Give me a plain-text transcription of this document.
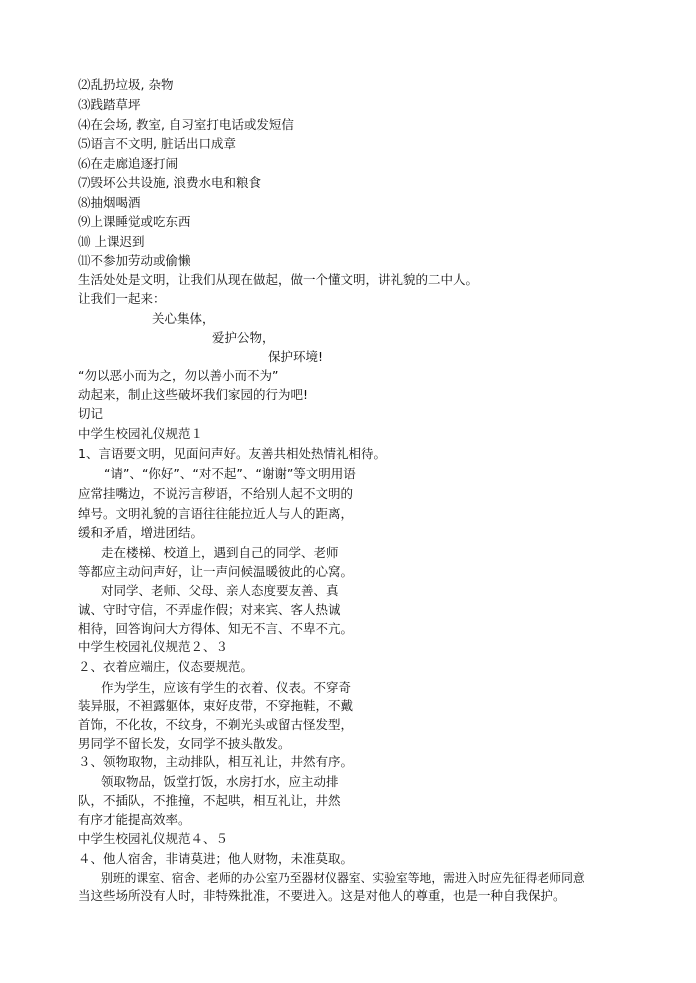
⑵乱扔垃圾, 杂物
⑶践踏草坪
⑷在会场, 教室, 自习室打电话或发短信
⑸语言不文明, 脏话出口成章
⑹在走廊追逐打闹
⑺毁坏公共设施, 浪费水电和粮食
⑻抽烟喝酒
⑼上课睡觉或吃东西
⑽ 上课迟到
⑾不参加劳动或偷懒
生活处处是文明，让我们从现在做起，做一个懂文明，讲礼貌的二中人。
让我们一起来：
关心集体，
爱护公物，
保护环境!
“勿以恶小而为之，勿以善小而不为”
动起来，制止这些破坏我们家园的行为吧!
切记
中学生校园礼仪规范１
1、言语要文明，见面问声好。友善共相处热情礼相待。
“请”、“你好”、“对不起”、“谢谢”等文明用语
应常挂嘴边，不说污言秽语，不给别人起不文明的
绰号。文明礼貌的言语往往能拉近人与人的距离，
缓和矛盾，增进团结。
走在楼梯、校道上，遇到自己的同学、老师
等都应主动问声好，让一声问候温暖彼此的心窝。
对同学、老师、父母、亲人态度要友善、真
诚、守时守信，不弄虚作假；对来宾、客人热诚
相待，回答询问大方得体、知无不言、不卑不亢。
中学生校园礼仪规范２、３
２、衣着应端庄，仪态要规范。
作为学生，应该有学生的衣着、仪表。不穿奇
装异服，不袒露躯体，束好皮带，不穿拖鞋，不戴
首饰，不化妆，不纹身，不剃光头或留古怪发型，
男同学不留长发，女同学不披头散发。
３、领物取物，主动排队，相互礼让，井然有序。
领取物品，饭堂打饭，水房打水，应主动排
队，不插队，不推撞，不起哄，相互礼让，井然
有序才能提高效率。
中学生校园礼仪规范４、５
４、他人宿舍，非请莫进；他人财物，未准莫取。
别班的课室、宿舍、老师的办公室乃至器材仪器室、实验室等地，需进入时应先征得老师同意
当这些场所没有人时，非特殊批准，不要进入。这是对他人的尊重，也是一种自我保护。
